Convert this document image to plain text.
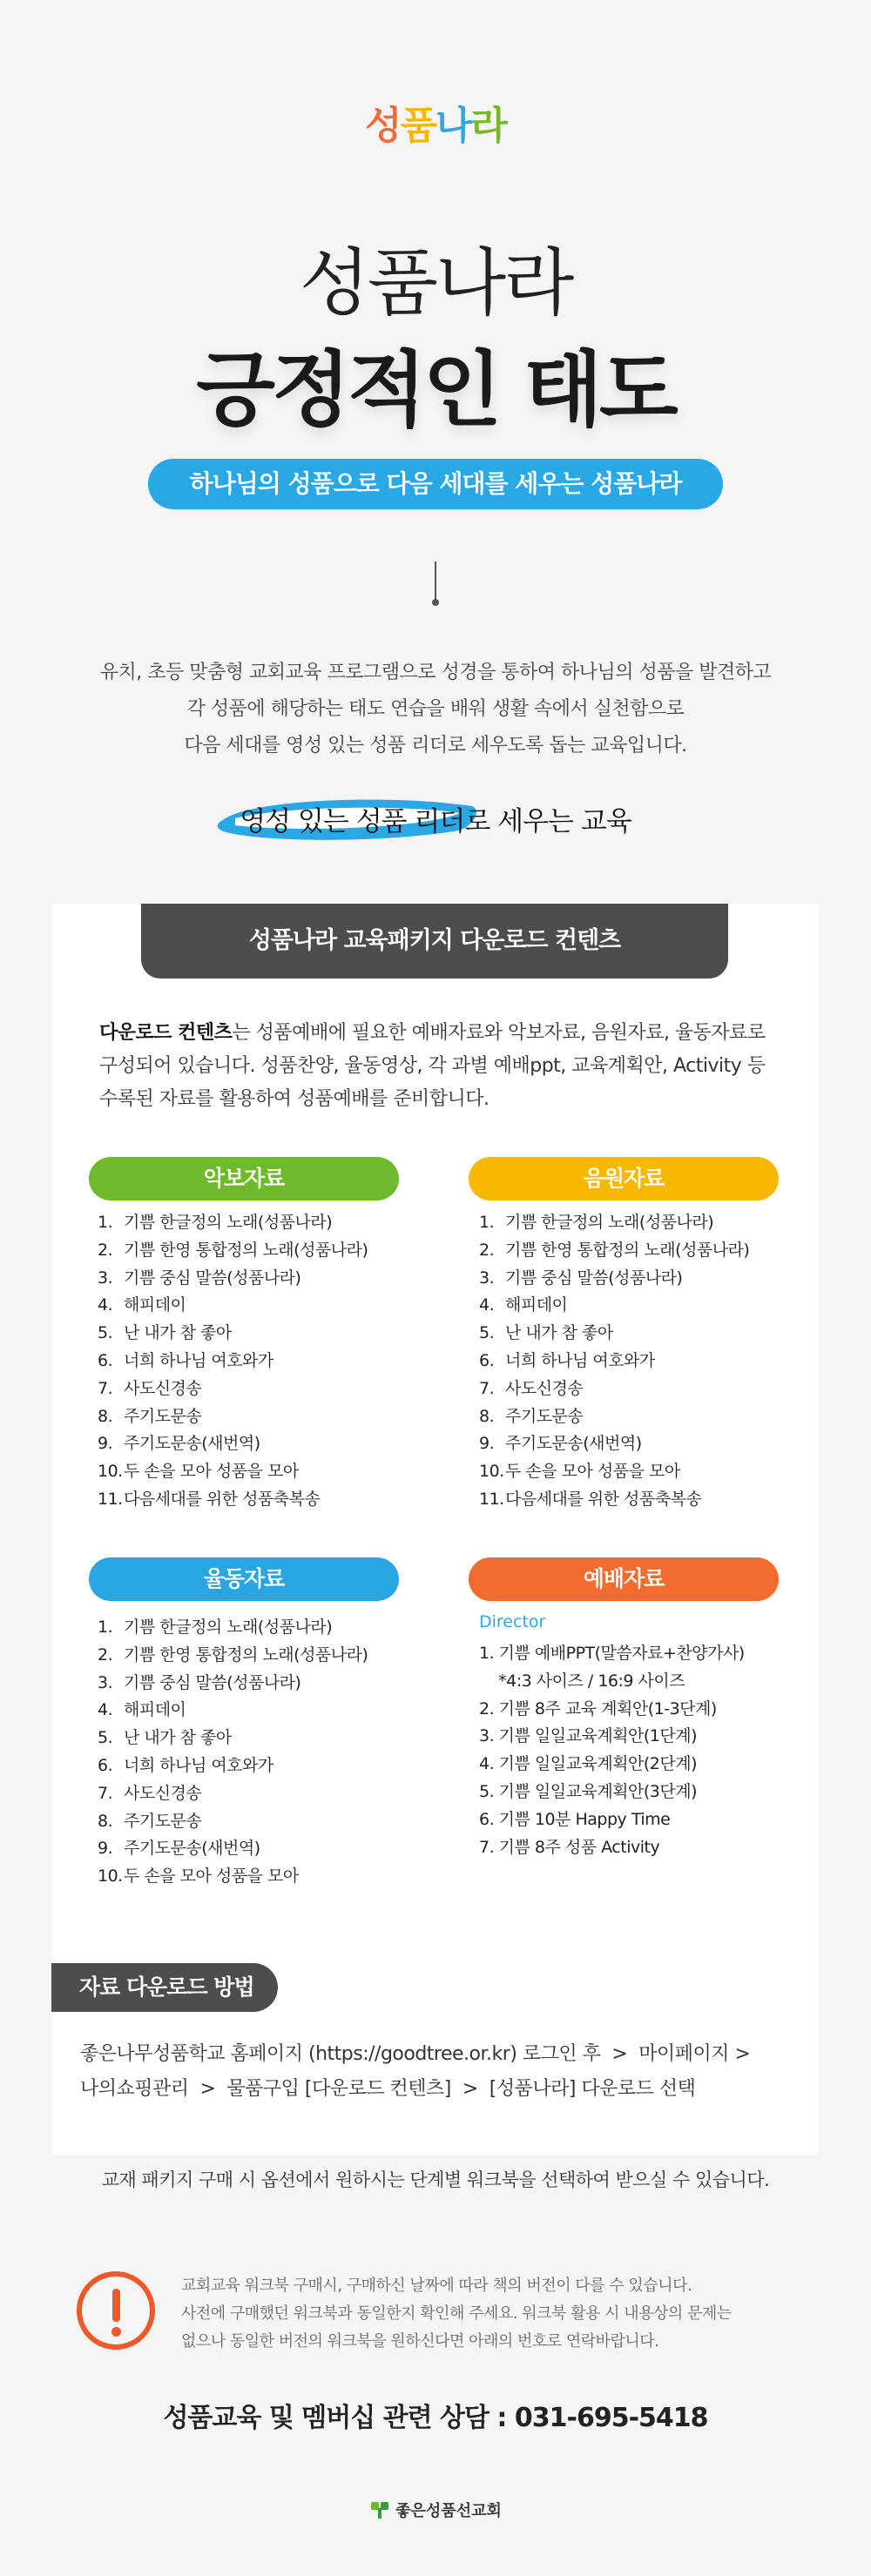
성품나라
성품나라
긍정적인 태도
하나님의 성품으로 다음 세대를 세우는 성품나라
유치, 초등 맞춤형 교회교육 프로그램으로 성경을 통하여 하나님의 성품을 발견하고
각 성품에 해당하는 태도 연습을 배워 생활 속에서 실천함으로
다음 세대를 영성 있는 성품 리더로 세우도록 돕는 교육입니다.
영성 있는 성품 리더로 세우는 교육
성품나라 교육패키지 다운로드 컨텐츠
다운로드 컨텐츠는 성품예배에 필요한 예배자료와 악보자료, 음원자료, 율동자료로
구성되어 있습니다. 성품찬양, 율동영상, 각 과별 예배ppt, 교육계획안, Activity 등
수록된 자료를 활용하여 성품예배를 준비합니다.
악보자료
1. 기쁨 한글정의 노래(성품나라)
2. 기쁨 한영 통합정의 노래(성품나라)
3. 기쁨 중심 말씀(성품나라)
4. 해피데이
5. 난 내가 참 좋아
6. 너희 하나님 여호와가
7. 사도신경송
8. 주기도문송
9. 주기도문송(새번역)
10.두 손을 모아 성품을 모아
11.다음세대를 위한 성품축복송
음원자료
1. 기쁨 한글정의 노래(성품나라)
2. 기쁨 한영 통합정의 노래(성품나라)
3. 기쁨 중심 말씀(성품나라)
4. 해피데이
5. 난 내가 참 좋아
6. 너희 하나님 여호와가
7. 사도신경송
8. 주기도문송
9. 주기도문송(새번역)
10.두 손을 모아 성품을 모아
11.다음세대를 위한 성품축복송
율동자료
1. 기쁨 한글정의 노래(성품나라)
2. 기쁨 한영 통합정의 노래(성품나라)
3. 기쁨 중심 말씀(성품나라)
4. 해피데이
5. 난 내가 참 좋아
6. 너희 하나님 여호와가
7. 사도신경송
8. 주기도문송
9. 주기도문송(새번역)
10.두 손을 모아 성품을 모아
예배자료
Director
1. 기쁨 예배PPT(말씀자료+찬양가사)
*4:3 사이즈 / 16:9 사이즈
2. 기쁨 8주 교육 계획안(1-3단계)
3. 기쁨 일일교육계획안(1단계)
4. 기쁨 일일교육계획안(2단계)
5. 기쁨 일일교육계획안(3단계)
6. 기쁨 10분 Happy Time
7. 기쁨 8주 성품 Activity
자료 다운로드 방법
좋은나무성품학교 홈페이지 (https://goodtree.or.kr) 로그인 후  >  마이페이지 >
나의쇼핑관리  >  물품구입 [다운로드 컨텐츠]  >  [성품나라] 다운로드 선택
교재 패키지 구매 시 옵션에서 원하시는 단계별 워크북을 선택하여 받으실 수 있습니다.
교회교육 워크북 구매시, 구매하신 날짜에 따라 책의 버전이 다를 수 있습니다.
사전에 구매했던 워크북과 동일한지 확인해 주세요. 워크북 활용 시 내용상의 문제는
없으나 동일한 버전의 워크북을 원하신다면 아래의 번호로 연락바랍니다.
성품교육 및 멤버십 관련 상담 : 031-695-5418
좋은성품선교회
